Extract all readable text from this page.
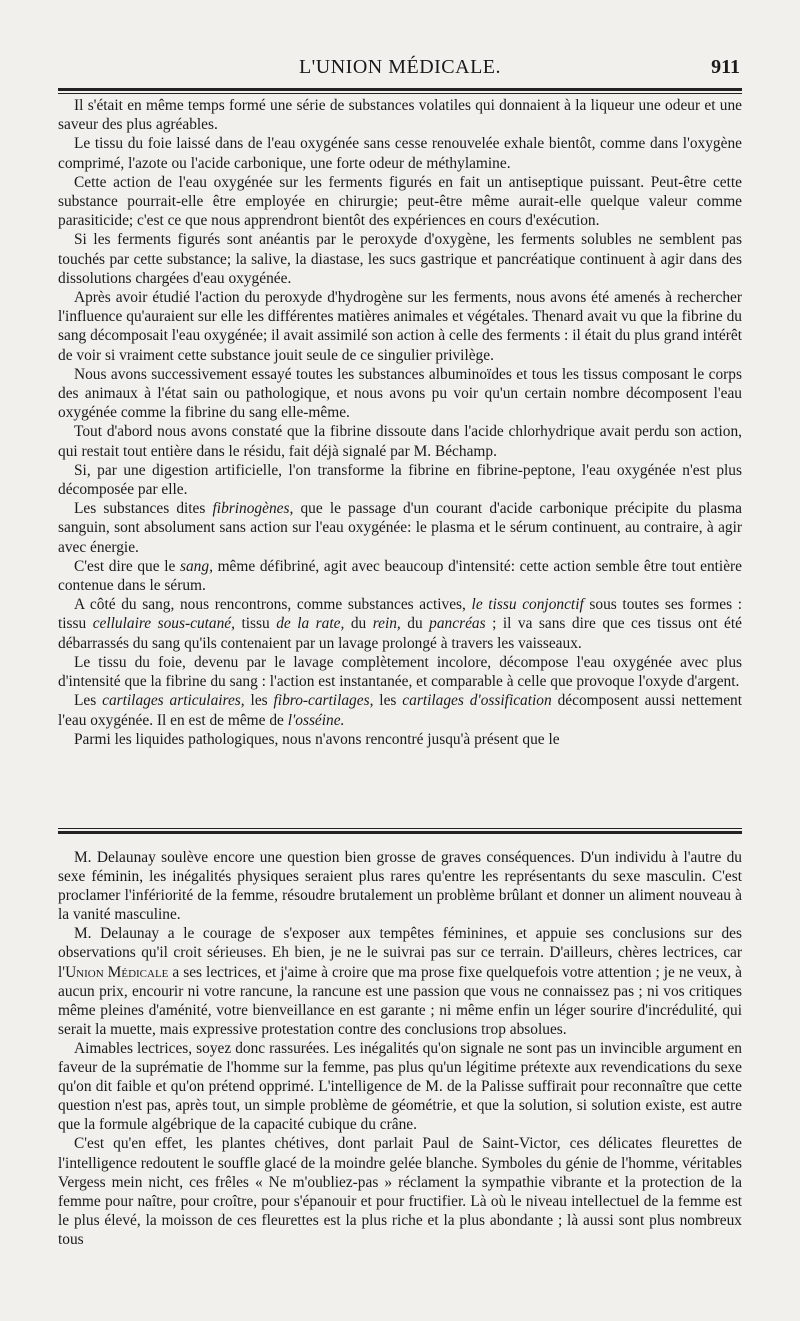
L'UNION MÉDICALE.	911

Il s'était en même temps formé une série de substances volatiles qui donnaient à la liqueur une odeur et une saveur des plus agréables.

Le tissu du foie laissé dans de l'eau oxygénée sans cesse renouvelée exhale bientôt, comme dans l'oxygène comprimé, l'azote ou l'acide carbonique, une forte odeur de méthylamine.

Cette action de l'eau oxygénée sur les ferments figurés en fait un antiseptique puissant. Peut-être cette substance pourrait-elle être employée en chirurgie; peut-être même aurait-elle quelque valeur comme parasiticide; c'est ce que nous apprendront bientôt des expériences en cours d'exécution.

Si les ferments figurés sont anéantis par le peroxyde d'oxygène, les ferments solubles ne semblent pas touchés par cette substance; la salive, la diastase, les sucs gastrique et pancréatique continuent à agir dans des dissolutions chargées d'eau oxygénée.

Après avoir étudié l'action du peroxyde d'hydrogène sur les ferments, nous avons été amenés à rechercher l'influence qu'auraient sur elle les différentes matières animales et végétales. Thenard avait vu que la fibrine du sang décomposait l'eau oxygénée; il avait assimilé son action à celle des ferments : il était du plus grand intérêt de voir si vraiment cette substance jouit seule de ce singulier privilège.

Nous avons successivement essayé toutes les substances albuminoïdes et tous les tissus composant le corps des animaux à l'état sain ou pathologique, et nous avons pu voir qu'un certain nombre décomposent l'eau oxygénée comme la fibrine du sang elle-même.

Tout d'abord nous avons constaté que la fibrine dissoute dans l'acide chlorhydrique avait perdu son action, qui restait tout entière dans le résidu, fait déjà signalé par M. Béchamp.

Si, par une digestion artificielle, l'on transforme la fibrine en fibrine-peptone, l'eau oxygénée n'est plus décomposée par elle.

Les substances dites fibrinogènes, que le passage d'un courant d'acide carbonique précipite du plasma sanguin, sont absolument sans action sur l'eau oxygénée: le plasma et le sérum continuent, au contraire, à agir avec énergie.

C'est dire que le sang, même défibriné, agit avec beaucoup d'intensité: cette action semble être tout entière contenue dans le sérum.

A côté du sang, nous rencontrons, comme substances actives, le tissu conjonctif sous toutes ses formes : tissu cellulaire sous-cutané, tissu de la rate, du rein, du pancréas ; il va sans dire que ces tissus ont été débarrassés du sang qu'ils contenaient par un lavage prolongé à travers les vaisseaux.

Le tissu du foie, devenu par le lavage complètement incolore, décompose l'eau oxygénée avec plus d'intensité que la fibrine du sang : l'action est instantanée, et comparable à celle que provoque l'oxyde d'argent.

Les cartilages articulaires, les fibro-cartilages, les cartilages d'ossification décomposent aussi nettement l'eau oxygénée. Il en est de même de l'osséine.

Parmi les liquides pathologiques, nous n'avons rencontré jusqu'à présent que le

M. Delaunay soulève encore une question bien grosse de graves conséquences. D'un individu à l'autre du sexe féminin, les inégalités physiques seraient plus rares qu'entre les représentants du sexe masculin. C'est proclamer l'infériorité de la femme, résoudre brutalement un problème brûlant et donner un aliment nouveau à la vanité masculine.

M. Delaunay a le courage de s'exposer aux tempêtes féminines, et appuie ses conclusions sur des observations qu'il croit sérieuses. Eh bien, je ne le suivrai pas sur ce terrain. D'ailleurs, chères lectrices, car l'Union Médicale a ses lectrices, et j'aime à croire que ma prose fixe quelquefois votre attention ; je ne veux, à aucun prix, encourir ni votre rancune, la rancune est une passion que vous ne connaissez pas ; ni vos critiques même pleines d'aménité, votre bienveillance en est garante ; ni même enfin un léger sourire d'incrédulité, qui serait la muette, mais expressive protestation contre des conclusions trop absolues.

Aimables lectrices, soyez donc rassurées. Les inégalités qu'on signale ne sont pas un invincible argument en faveur de la suprématie de l'homme sur la femme, pas plus qu'un légitime prétexte aux revendications du sexe qu'on dit faible et qu'on prétend opprimé. L'intelligence de M. de la Palisse suffirait pour reconnaître que cette question n'est pas, après tout, un simple problème de géométrie, et que la solution, si solution existe, est autre que la formule algébrique de la capacité cubique du crâne.

C'est qu'en effet, les plantes chétives, dont parlait Paul de Saint-Victor, ces délicates fleurettes de l'intelligence redoutent le souffle glacé de la moindre gelée blanche. Symboles du génie de l'homme, véritables Vergess mein nicht, ces frêles « Ne m'oubliez-pas » réclament la sympathie vibrante et la protection de la femme pour naître, pour croître, pour s'épanouir et pour fructifier. Là où le niveau intellectuel de la femme est le plus élevé, la moisson de ces fleurettes est la plus riche et la plus abondante ; là aussi sont plus nombreux tous
